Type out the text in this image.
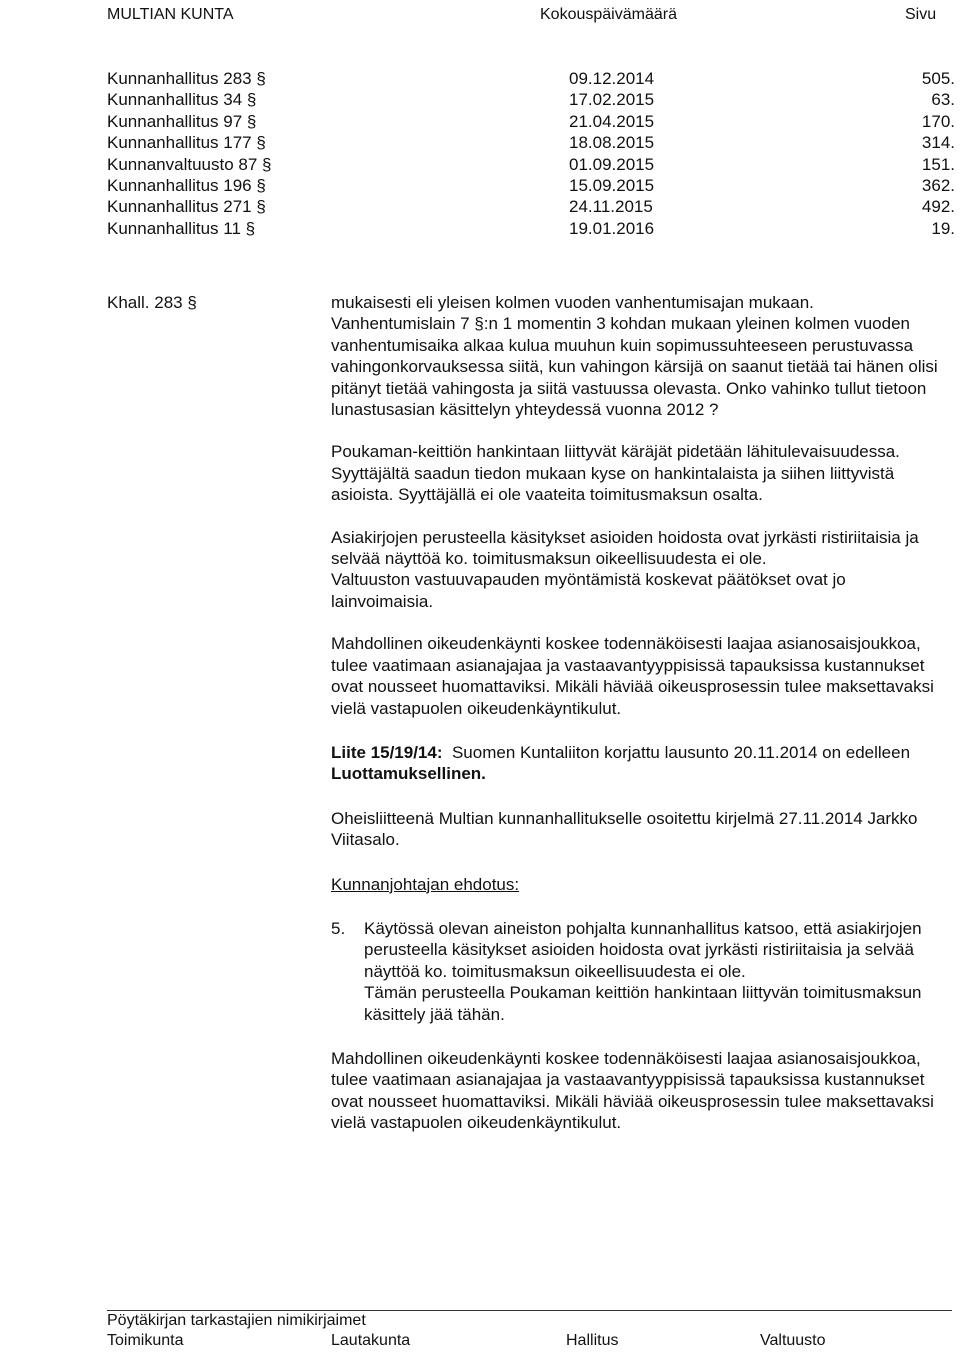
MULTIAN KUNTA	Kokouspäivämäärä	Sivu
Kunnanhallitus 283 §	09.12.2014	505.
Kunnanhallitus 34 §	17.02.2015	63.
Kunnanhallitus 97 §	21.04.2015	170.
Kunnanhallitus 177 §	18.08.2015	314.
Kunnanvaltuusto 87 §	01.09.2015	151.
Kunnanhallitus 196 §	15.09.2015	362.
Kunnanhallitus 271 §	24.11.2015	492.
Kunnanhallitus 11 §	19.01.2016	19.
Khall. 283 §	mukaisesti eli yleisen kolmen vuoden vanhentumisajan mukaan.

Vanhentumislain 7 §:n 1 momentin 3 kohdan mukaan yleinen kolmen vuoden vanhentumisaika alkaa kulua muuhun kuin sopimussuhteeseen perustuvassa vahingonkorvauksessa siitä, kun vahingon kärsijä on saanut tietää tai hänen olisi pitänyt tietää vahingosta ja siitä vastuussa olevasta. Onko vahinko tullut tietoon lunastusasian käsittelyn yhteydessä vuonna 2012 ?

Poukaman-keittiön hankintaan liittyvät käräjät pidetään lähitulevaisuudessa.

Syyttäjältä saadun tiedon mukaan kyse on hankintalaista ja siihen liittyvistä asioista. Syyttäjällä ei ole vaateita toimitusmaksun osalta.

Asiakirjojen perusteella käsitykset asioiden hoidosta ovat jyrkästi ristiriitaisia ja selvää näyttöä ko. toimitusmaksun oikeellisuudesta ei ole.

Valtuuston vastuuvapauden myöntämistä koskevat päätökset ovat jo lainvoimaisia.

Mahdollinen oikeudenkäynti koskee todennäköisesti laajaa asianosaisjoukkoa, tulee vaatimaan asianajajaa ja vastaavantyyppisissä tapauksissa kustannukset ovat nousseet huomattaviksi. Mikäli häviää oikeusprosessin tulee maksettavaksi vielä vastapuolen oikeudenkäyntikulut.

Liite 15/19/14: Suomen Kuntaliiton korjattu lausunto 20.11.2014 on edelleen Luottamuksellinen.

Oheisliitteenä Multian kunnanhallitukselle osoitettu kirjelmä 27.11.2014 Jarkko Viitasalo.

Kunnanjohtajan ehdotus:

5. Käytössä olevan aineiston pohjalta kunnanhallitus katsoo, että asiakirjojen perusteella käsitykset asioiden hoidosta ovat jyrkästi ristiriitaisia ja selvää näyttöä ko. toimitusmaksun oikeellisuudesta ei ole.

Tämän perusteella Poukaman keittiön hankintaan liittyvän toimitusmaksun käsittely jää tähän.

Mahdollinen oikeudenkäynti koskee todennäköisesti laajaa asianosaisjoukkoa, tulee vaatimaan asianajajaa ja vastaavantyyppisissä tapauksissa kustannukset ovat nousseet huomattaviksi. Mikäli häviää oikeusprosessin tulee maksettavaksi vielä vastapuolen oikeudenkäyntikulut.

Pöytäkirjan tarkastajien nimikirjaimet
Toimikunta	Lautakunta	Hallitus	Valtuusto
